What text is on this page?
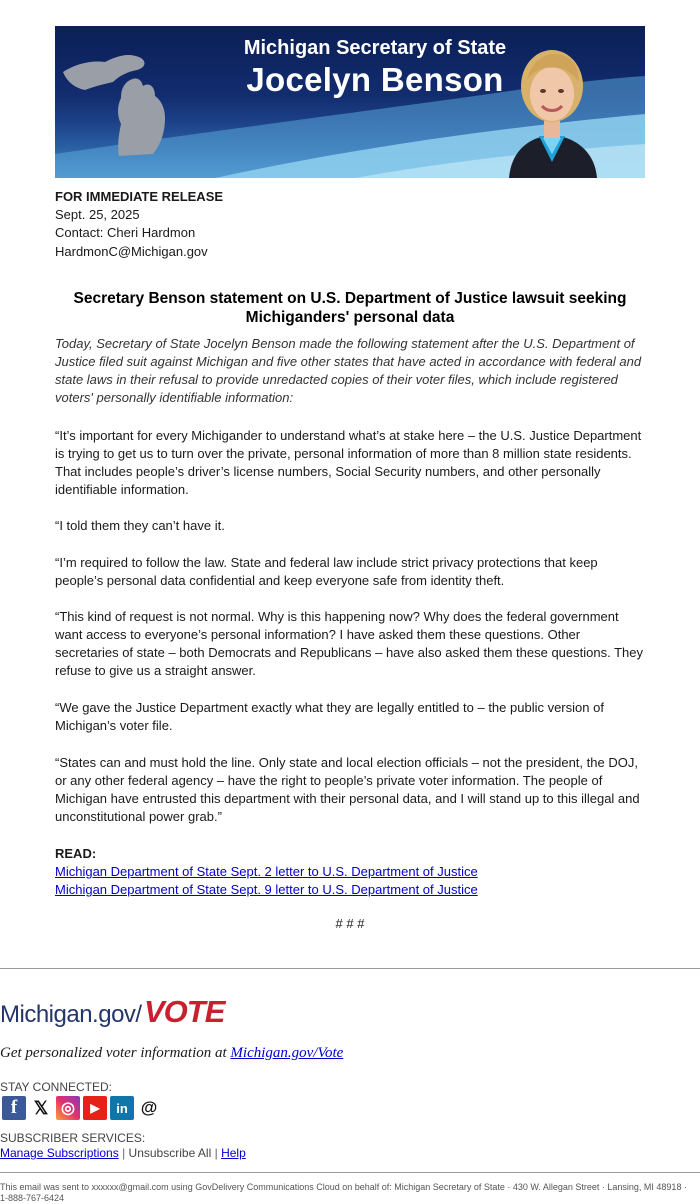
Michigan Secretary of State
Jocelyn Benson
FOR IMMEDIATE RELEASE
Sept. 25, 2025
Contact: Cheri Hardmon
HardmonC@Michigan.gov
Secretary Benson statement on U.S. Department of Justice lawsuit seeking Michiganders' personal data

Today, Secretary of State Jocelyn Benson made the following statement after the U.S. Department of Justice filed suit against Michigan and five other states that have acted in accordance with federal and state laws in their refusal to provide unredacted copies of their voter files, which include registered voters' personally identifiable information:

“It’s important for every Michigander to understand what’s at stake here – the U.S. Justice Department is trying to get us to turn over the private, personal information of more than 8 million state residents. That includes people’s driver’s license numbers, Social Security numbers, and other personally identifiable information.

“I told them they can’t have it.

“I’m required to follow the law. State and federal law include strict privacy protections that keep people’s personal data confidential and keep everyone safe from identity theft.

“This kind of request is not normal. Why is this happening now? Why does the federal government want access to everyone’s personal information? I have asked them these questions. Other secretaries of state – both Democrats and Republicans – have also asked them these questions. They refuse to give us a straight answer.

“We gave the Justice Department exactly what they are legally entitled to – the public version of Michigan’s voter file.

“States can and must hold the line. Only state and local election officials – not the president, the DOJ, or any other federal agency – have the right to people’s private voter information. The people of Michigan have entrusted this department with their personal data, and I will stand up to this illegal and unconstitutional power grab.”

READ:
Michigan Department of State Sept. 2 letter to U.S. Department of Justice
Michigan Department of State Sept. 9 letter to U.S. Department of Justice
# # #
Michigan.gov/ VOTE
Get personalized voter information at Michigan.gov/Vote
STAY CONNECTED:
f 𝕏 ◎	▶	in @
SUBSCRIBER SERVICES:
Manage Subscriptions | Unsubscribe All | Help
This email was sent to xxxxxx@gmail.com using GovDelivery Communications Cloud on behalf of: Michigan Secretary of State · 430 W. Allegan Street · Lansing, MI 48918 · 1-888-767-6424
